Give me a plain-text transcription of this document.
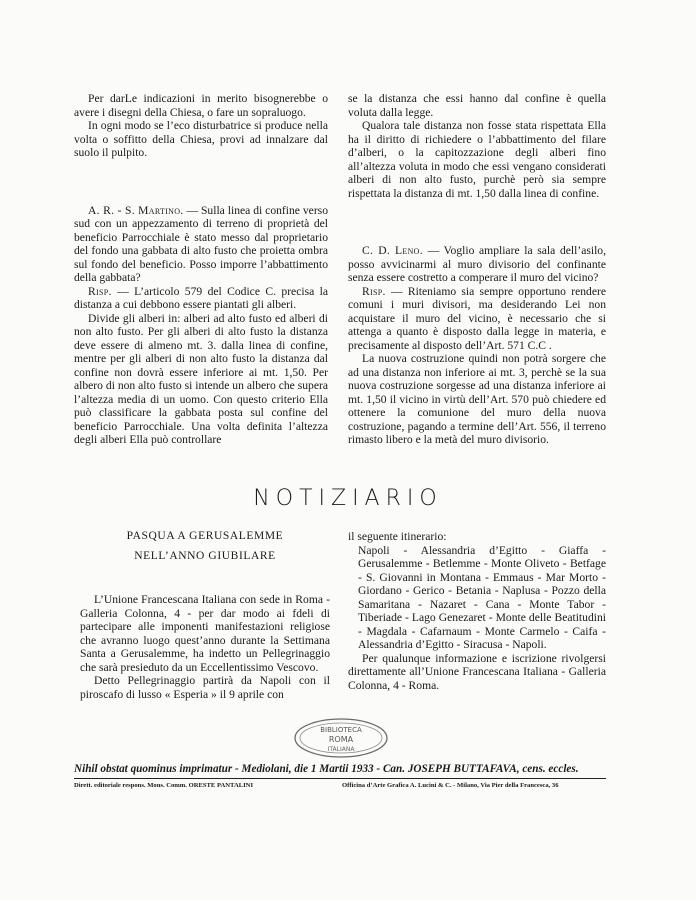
Per darLe indicazioni in merito bisognerebbe o avere i disegni della Chiesa, o fare un sopraluogo.

In ogni modo se l’eco disturbatrice si produce nella volta o soffitto della Chiesa, provi ad innalzare dal suolo il pulpito.

A. R. - S. Martino. — Sulla linea di confine verso sud con un appezzamento di terreno di proprietà del beneficio Parrocchiale è stato messo dal proprietario del fondo una gabbata di alto fusto che proietta ombra sul fondo del beneficio. Posso imporre l’abbattimento della gabbata?

Risp. — L’articolo 579 del Codice C. precisa la distanza a cui debbono essere piantati gli alberi.

Divide gli alberi in: alberi ad alto fusto ed alberi di non alto fusto. Per gli alberi di alto fusto la distanza deve essere di almeno mt. 3. dalla linea di confine, mentre per gli alberi di non alto fusto la distanza dal confine non dovrà essere inferiore ai mt. 1,50. Per albero di non alto fusto si intende un albero che supera l’altezza media di un uomo. Con questo criterio Ella può classificare la gabbata posta sul confine del beneficio Parrocchiale. Una volta definita l’altezza degli alberi Ella può controllare

se la distanza che essi hanno dal confine è quella voluta dalla legge.

Qualora tale distanza non fosse stata rispettata Ella ha il diritto di richiedere o l’abbattimento del filare d’alberi, o la capitozzazione degli alberi fino all’altezza voluta in modo che essi vengano considerati alberi di non alto fusto, purchè però sia sempre rispettata la distanza di mt. 1,50 dalla linea di confine.

C. D. Leno. — Voglio ampliare la sala dell’asilo, posso avvicinarmi al muro divisorio del confinante senza essere costretto a comperare il muro del vicino?

Risp. — Riteniamo sia sempre opportuno rendere comuni i muri divisori, ma desiderando Lei non acquistare il muro del vicino, è necessario che si attenga a quanto è disposto dalla legge in materia, e precisamente al disposto dell’Art. 571 C.C .

La nuova costruzione quindi non potrà sorgere che ad una distanza non inferiore ai mt. 3, perchè se la sua nuova costruzione sorgesse ad una distanza inferiore ai mt. 1,50 il vicino in virtù dell’Art. 570 può chiedere ed ottenere la comunione del muro della nuova costruzione, pagando a termine dell’Art. 556, il terreno rimasto libero e la metà del muro divisorio.

NOTIZIARIO

PASQUA A GERUSALEMME

NELL’ANNO GIUBILARE

L’Unione Francescana Italiana con sede in Roma - Galleria Colonna, 4 - per dar modo ai fdeli di partecipare alle imponenti manifestazioni religiose che avranno luogo quest’anno durante la Settimana Santa a Gerusalemme, ha indetto un Pellegrinaggio che sarà presieduto da un Eccellentissimo Vescovo.

Detto Pellegrinaggio partirà da Napoli con il piroscafo di lusso « Esperia » il 9 aprile con

il seguente itinerario:

Napoli - Alessandria d’Egitto - Giaffa - Gerusalemme - Betlemme - Monte Oliveto - Betfage - S. Giovanni in Montana - Emmaus - Mar Morto - Giordano - Gerico - Betania - Naplusa - Pozzo della Samaritana - Nazaret - Cana - Monte Tabor - Tiberiade - Lago Genezaret - Monte delle Beatitudini - Magdala - Cafarnaum - Monte Carmelo - Caifa - Alessandria d’Egitto - Siracusa - Napoli.

Per qualunque informazione e iscrizione rivolgersi direttamente all’Unione Francescana Italiana - Galleria Colonna, 4 - Roma.

BIBLIOTECA
ROMA
ITALIANA
Nihil obstat quominus imprimatur - Mediolani, die 1 Martii 1933 - Can. JOSEPH BUTTAFAVA, cens. eccles.
Dirett. editoriale respons. Mons. Comm. ORESTE PANTALINI	Officina d’Arte Grafica A. Lucini & C. - Milano, Via Pier della Francesca, 36
